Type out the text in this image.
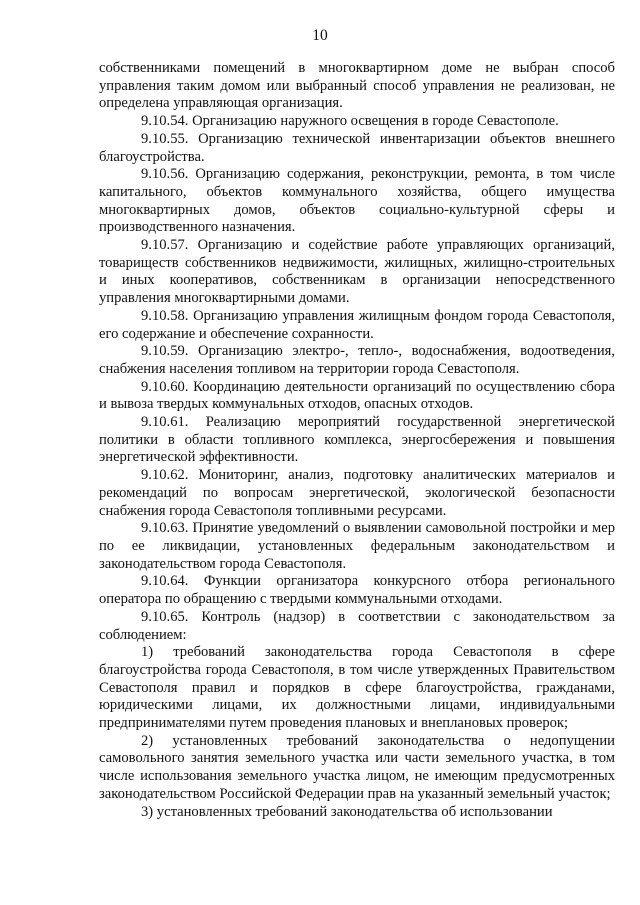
10

собственниками помещений в многоквартирном доме не выбран способ управления таким домом или выбранный способ управления не реализован, не определена управляющая организация.

9.10.54. Организацию наружного освещения в городе Севастополе.

9.10.55. Организацию технической инвентаризации объектов внешнего благоустройства.

9.10.56. Организацию содержания, реконструкции, ремонта, в том числе капитального, объектов коммунального хозяйства, общего имущества многоквартирных домов, объектов социально-культурной сферы и производственного назначения.

9.10.57. Организацию и содействие работе управляющих организаций, товариществ собственников недвижимости, жилищных, жилищно-строительных и иных кооперативов, собственникам в организации непосредственного управления многоквартирными домами.

9.10.58. Организацию управления жилищным фондом города Севастополя, его содержание и обеспечение сохранности.

9.10.59. Организацию электро-, тепло-, водоснабжения, водоотведения, снабжения населения топливом на территории города Севастополя.

9.10.60. Координацию деятельности организаций по осуществлению сбора и вывоза твердых коммунальных отходов, опасных отходов.

9.10.61. Реализацию мероприятий государственной энергетической политики в области топливного комплекса, энергосбережения и повышения энергетической эффективности.

9.10.62. Мониторинг, анализ, подготовку аналитических материалов и рекомендаций по вопросам энергетической, экологической безопасности снабжения города Севастополя топливными ресурсами.

9.10.63. Принятие уведомлений о выявлении самовольной постройки и мер по ее ликвидации, установленных федеральным законодательством и законодательством города Севастополя.

9.10.64. Функции организатора конкурсного отбора регионального оператора по обращению с твердыми коммунальными отходами.

9.10.65. Контроль (надзор) в соответствии с законодательством за соблюдением:

1) требований законодательства города Севастополя в сфере благоустройства города Севастополя, в том числе утвержденных Правительством Севастополя правил и порядков в сфере благоустройства, гражданами, юридическими лицами, их должностными лицами, индивидуальными предпринимателями путем проведения плановых и внеплановых проверок;

2) установленных требований законодательства о недопущении самовольного занятия земельного участка или части земельного участка, в том числе использования земельного участка лицом, не имеющим предусмотренных законодательством Российской Федерации прав на указанный земельный участок;

3) установленных требований законодательства об использовании
